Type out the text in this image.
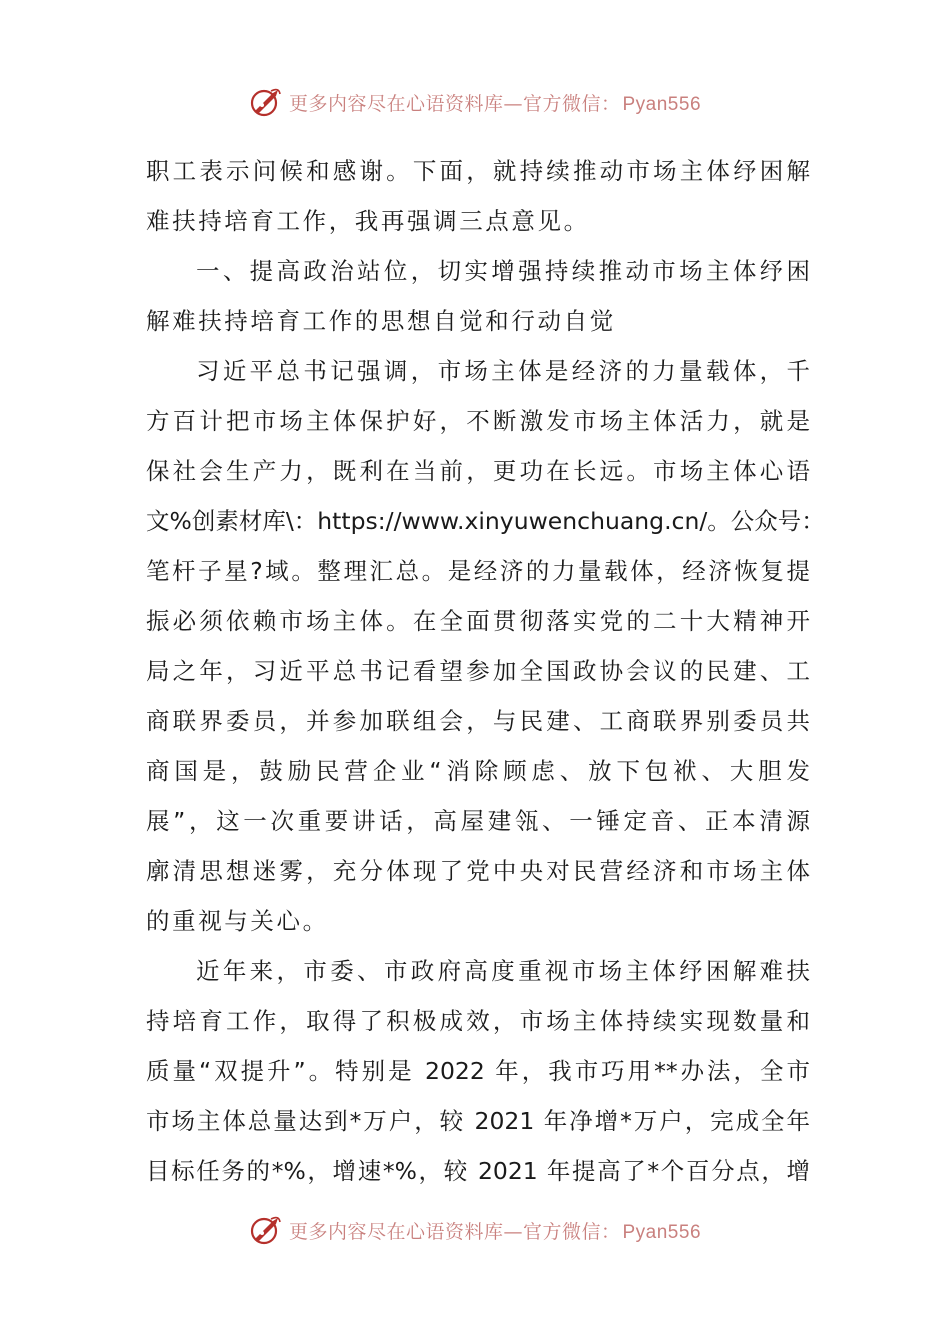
更多内容尽在心语资料库—官方微信： Pyan556
职工表示问候和感谢。下面，就持续推动市场主体纾困解
难扶持培育工作，我再强调三点意见。
一、提高政治站位，切实增强持续推动市场主体纾困
解难扶持培育工作的思想自觉和行动自觉
习近平总书记强调，市场主体是经济的力量载体，千
方百计把市场主体保护好，不断激发市场主体活力，就是
保社会生产力，既利在当前，更功在长远。市场主体心语
文%创素材库\：https://www.xinyuwenchuang.cn/。公众号：
笔杆子星?域。整理汇总。是经济的力量载体，经济恢复提
振必须依赖市场主体。在全面贯彻落实党的二十大精神开
局之年，习近平总书记看望参加全国政协会议的民建、工
商联界委员，并参加联组会，与民建、工商联界别委员共
商国是，鼓励民营企业“消除顾虑、放下包袱、大胆发
展”，这一次重要讲话，高屋建瓴、一锤定音、正本清源
廓清思想迷雾，充分体现了党中央对民营经济和市场主体
的重视与关心。
近年来，市委、市政府高度重视市场主体纾困解难扶
持培育工作，取得了积极成效，市场主体持续实现数量和
质量“双提升”。特别是 2022 年，我市巧用**办法，全市
市场主体总量达到*万户，较 2021 年净增*万户，完成全年
目标任务的*%，增速*%，较 2021 年提高了*个百分点，增
更多内容尽在心语资料库—官方微信： Pyan556
